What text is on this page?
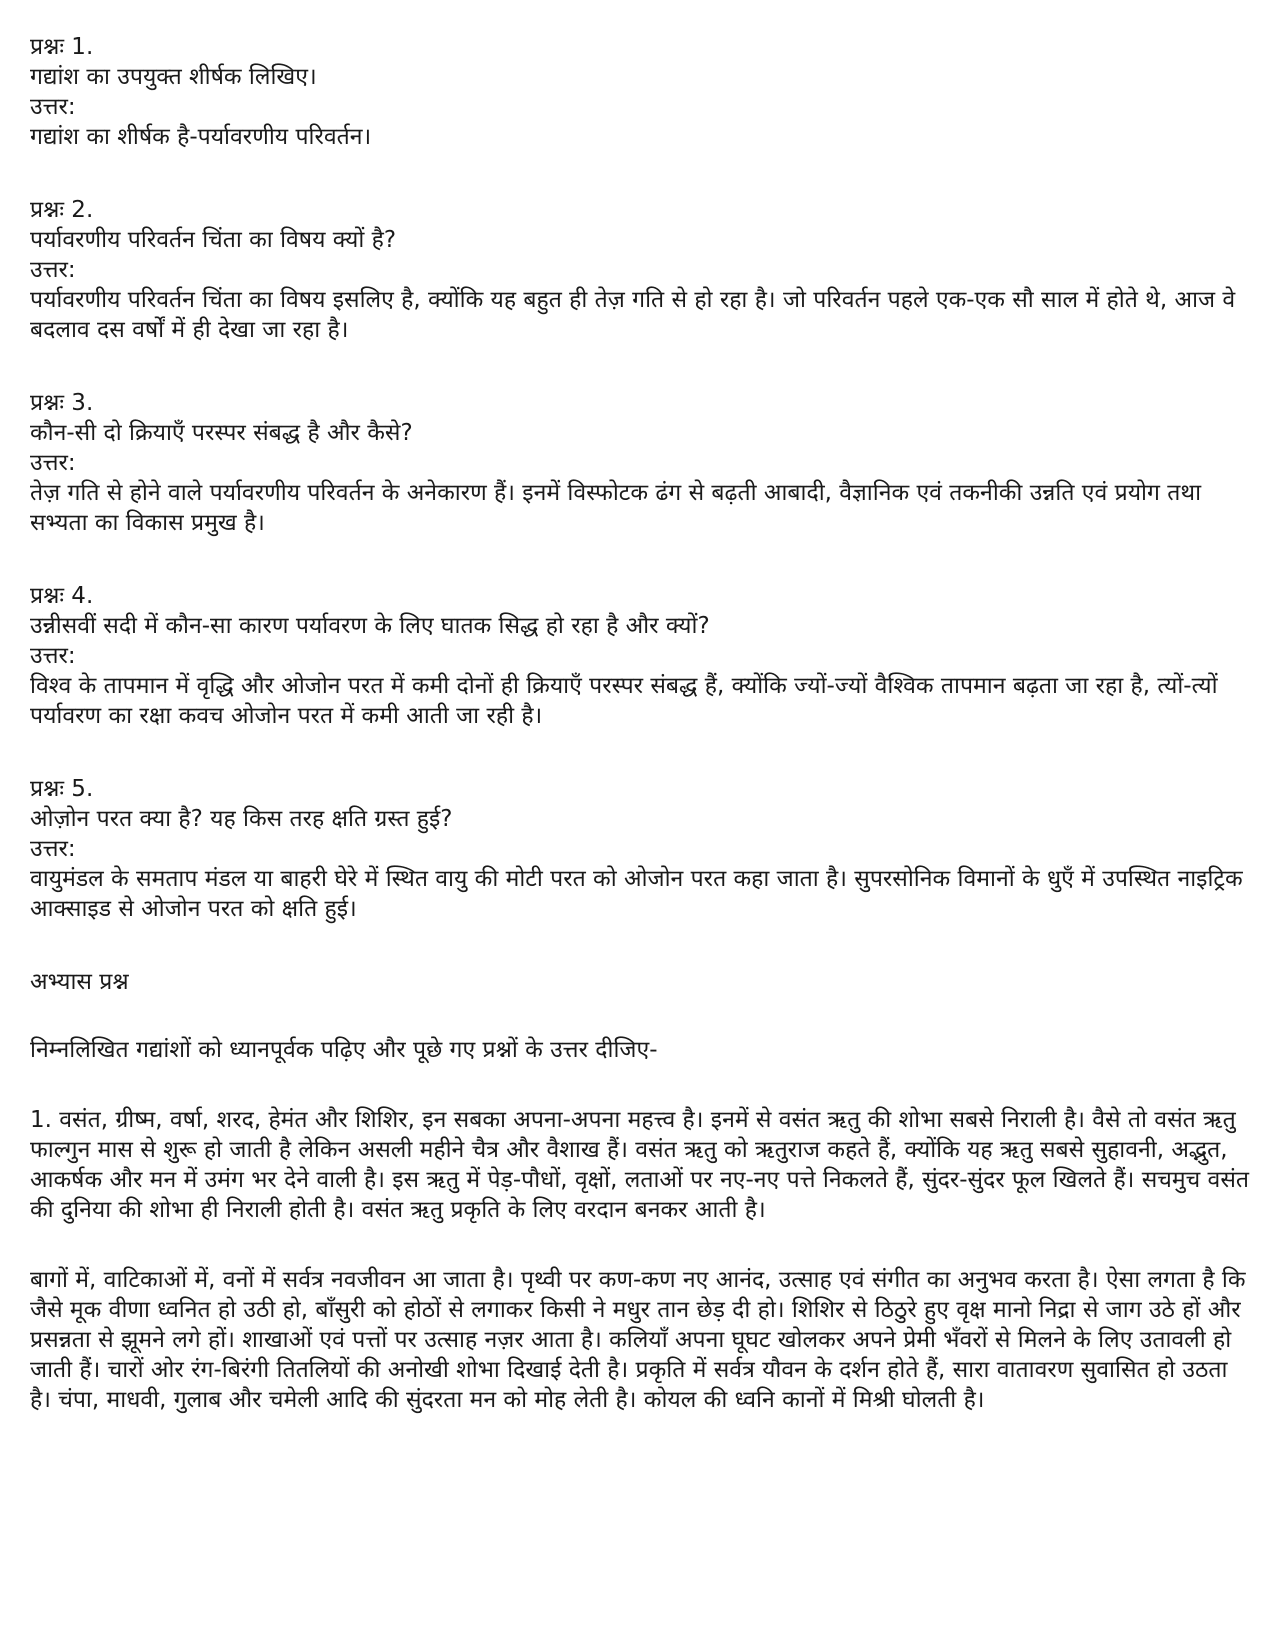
प्रश्नः 1.
गद्यांश का उपयुक्त शीर्षक लिखिए।
उत्तर:
गद्यांश का शीर्षक है-पर्यावरणीय परिवर्तन।
प्रश्नः 2.
पर्यावरणीय परिवर्तन चिंता का विषय क्यों है?
उत्तर:
पर्यावरणीय परिवर्तन चिंता का विषय इसलिए है, क्योंकि यह बहुत ही तेज़ गति से हो रहा है। जो परिवर्तन पहले एक-एक सौ साल में होते थे, आज वे बदलाव दस वर्षों में ही देखा जा रहा है।
प्रश्नः 3.
कौन-सी दो क्रियाएँ परस्पर संबद्ध है और कैसे?
उत्तर:
तेज़ गति से होने वाले पर्यावरणीय परिवर्तन के अनेकारण हैं। इनमें विस्फोटक ढंग से बढ़ती आबादी, वैज्ञानिक एवं तकनीकी उन्नति एवं प्रयोग तथा सभ्यता का विकास प्रमुख है।
प्रश्नः 4.
उन्नीसवीं सदी में कौन-सा कारण पर्यावरण के लिए घातक सिद्ध हो रहा है और क्यों?
उत्तर:
विश्व के तापमान में वृद्धि और ओजोन परत में कमी दोनों ही क्रियाएँ परस्पर संबद्ध हैं, क्योंकि ज्यों-ज्यों वैश्विक तापमान बढ़ता जा रहा है, त्यों-त्यों पर्यावरण का रक्षा कवच ओजोन परत में कमी आती जा रही है।
प्रश्नः 5.
ओज़ोन परत क्या है? यह किस तरह क्षति ग्रस्त हुई?
उत्तर:
वायुमंडल के समताप मंडल या बाहरी घेरे में स्थित वायु की मोटी परत को ओजोन परत कहा जाता है। सुपरसोनिक विमानों के धुएँ में उपस्थित नाइट्रिक आक्साइड से ओजोन परत को क्षति हुई।
अभ्यास प्रश्न
निम्नलिखित गद्यांशों को ध्यानपूर्वक पढ़िए और पूछे गए प्रश्नों के उत्तर दीजिए-
1. वसंत, ग्रीष्म, वर्षा, शरद, हेमंत और शिशिर, इन सबका अपना-अपना महत्त्व है। इनमें से वसंत ऋतु की शोभा सबसे निराली है। वैसे तो वसंत ऋतु फाल्गुन मास से शुरू हो जाती है लेकिन असली महीने चैत्र और वैशाख हैं। वसंत ऋतु को ऋतुराज कहते हैं, क्योंकि यह ऋतु सबसे सुहावनी, अद्भुत, आकर्षक और मन में उमंग भर देने वाली है। इस ऋतु में पेड़-पौधों, वृक्षों, लताओं पर नए-नए पत्ते निकलते हैं, सुंदर-सुंदर फूल खिलते हैं। सचमुच वसंत की दुनिया की शोभा ही निराली होती है। वसंत ऋतु प्रकृति के लिए वरदान बनकर आती है।
बागों में, वाटिकाओं में, वनों में सर्वत्र नवजीवन आ जाता है। पृथ्वी पर कण-कण नए आनंद, उत्साह एवं संगीत का अनुभव करता है। ऐसा लगता है कि जैसे मूक वीणा ध्वनित हो उठी हो, बाँसुरी को होठों से लगाकर किसी ने मधुर तान छेड़ दी हो। शिशिर से ठिठुरे हुए वृक्ष मानो निद्रा से जाग उठे हों और प्रसन्नता से झूमने लगे हों। शाखाओं एवं पत्तों पर उत्साह नज़र आता है। कलियाँ अपना घूघट खोलकर अपने प्रेमी भँवरों से मिलने के लिए उतावली हो जाती हैं। चारों ओर रंग-बिरंगी तितलियों की अनोखी शोभा दिखाई देती है। प्रकृति में सर्वत्र यौवन के दर्शन होते हैं, सारा वातावरण सुवासित हो उठता है। चंपा, माधवी, गुलाब और चमेली आदि की सुंदरता मन को मोह लेती है। कोयल की ध्वनि कानों में मिश्री घोलती है।
